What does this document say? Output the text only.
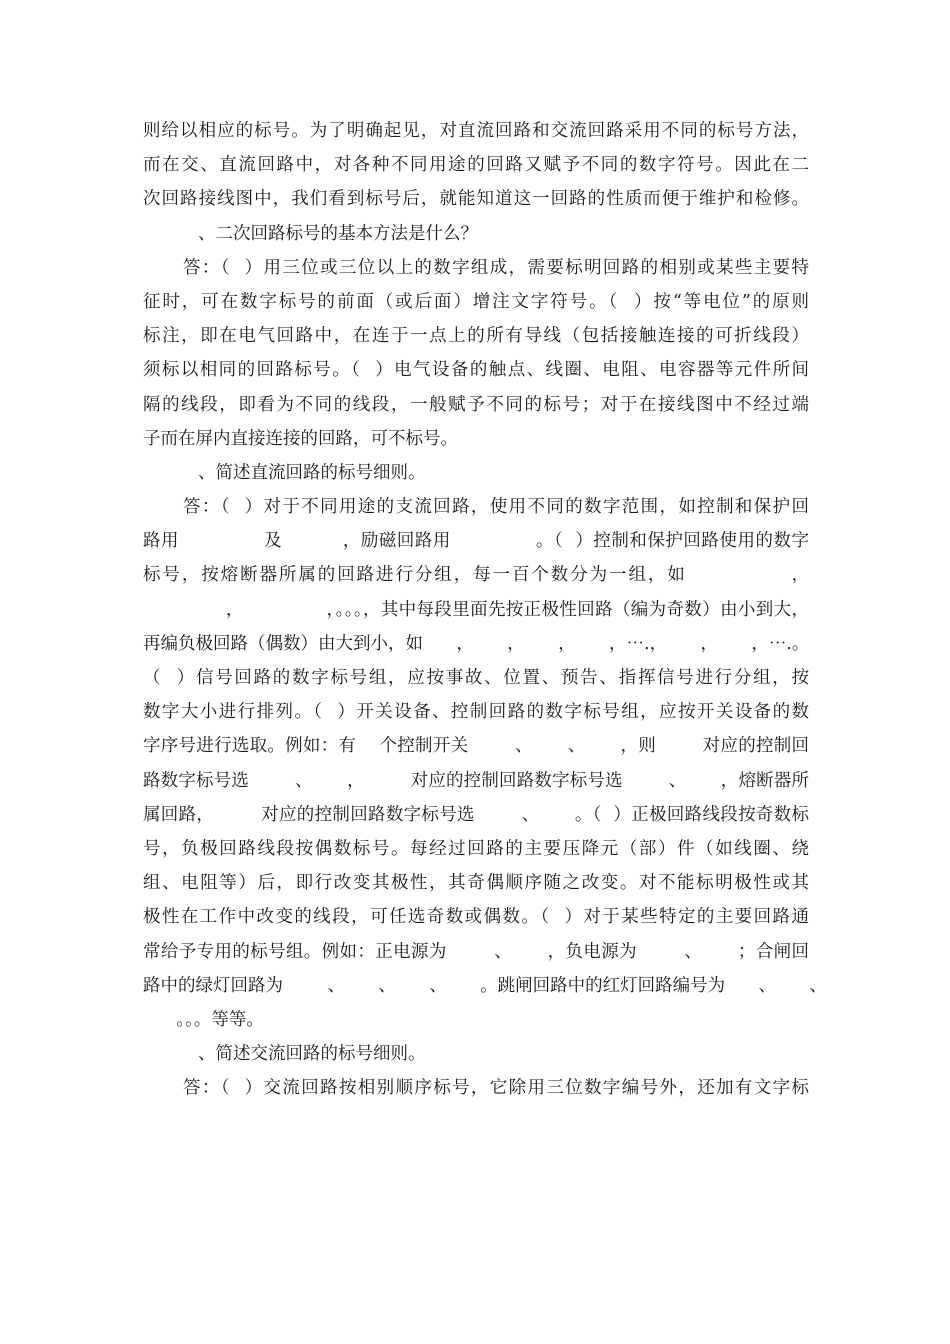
则给以相应的标号。为了明确起见，对直流回路和交流回路采用不同的标号方法，
而在交、直流回路中，对各种不同用途的回路又赋予不同的数字符号。因此在二
次回路接线图中，我们看到标号后，就能知道这一回路的性质而便于维护和检修。
、二次回路标号的基本方法是什么？
答：（  ）用三位或三位以上的数字组成，需要标明回路的相别或某些主要特
征时，可在数字标号的前面（或后面）增注文字符号。（  ）按“等电位”的原则
标注，即在电气回路中，在连于一点上的所有导线（包括接触连接的可折线段）
须标以相同的回路标号。（  ）电气设备的触点、线圈、电阻、电容器等元件所间
隔的线段，即看为不同的线段，一般赋予不同的标号；对于在接线图中不经过端
子而在屏内直接连接的回路，可不标号。
、简述直流回路的标号细则。
答：（  ）对于不同用途的支流回路，使用不同的数字范围，如控制和保护回
路用              及          ，励磁回路用              。（  ）控制和保护回路使用的数字
标号，按熔断器所属的回路进行分组，每一百个数分为一组，如              ，
，              ，。。。，其中每段里面先按正极性回路（编为奇数）由小到大，
再编负极回路（偶数）由大到小，如      ，      ，      ，      ，⋯.，      ，      ，⋯.。
（  ）信号回路的数字标号组，应按事故、位置、预告、指挥信号进行分组，按
数字大小进行排列。（  ）开关设备、控制回路的数字标号组，应按开关设备的数
字序号进行选取。例如：有    个控制开关        、      、      ，则        对应的控制回
路数字标号选        、      ，        对应的控制回路数字标号选        、      ，熔断器所
属回路，        对应的控制回路数字标号选        、      。（  ）正极回路线段按奇数标
号，负极回路线段按偶数标号。每经过回路的主要压降元（部）件（如线圈、绕
组、电阻等）后，即行改变其极性，其奇偶顺序随之改变。对不能标明极性或其
极性在工作中改变的线段，可任选奇数或偶数。（  ）对于某些特定的主要回路通
常给予专用的标号组。例如：正电源为        、      ，负电源为        、      ；合闸回
路中的绿灯回路为        、      、      、      。跳闸回路中的红灯回路编号为      、      、
。。。等等。
、简述交流回路的标号细则。
答：（  ）交流回路按相别顺序标号，它除用三位数字编号外，还加有文字标
